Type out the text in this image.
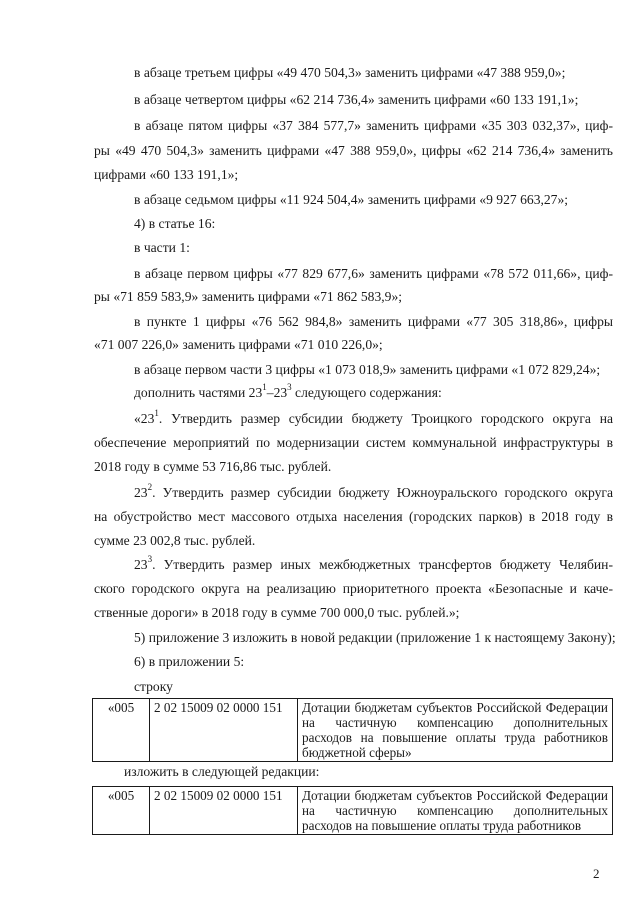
в абзаце третьем цифры «49 470 504,3» заменить цифрами «47 388 959,0»;
в абзаце четвертом цифры «62 214 736,4» заменить цифрами «60 133 191,1»;
в абзаце пятом цифры «37 384 577,7» заменить цифрами «35 303 032,37», циф-
ры «49 470 504,3» заменить цифрами «47 388 959,0», цифры «62 214 736,4» заменить
цифрами «60 133 191,1»;
в абзаце седьмом цифры «11 924 504,4» заменить цифрами «9 927 663,27»;
4) в статье 16:
в части 1:
в абзаце первом цифры «77 829 677,6» заменить цифрами «78 572 011,66», циф-
ры «71 859 583,9» заменить цифрами «71 862 583,9»;
в пункте 1 цифры «76 562 984,8» заменить цифрами «77 305 318,86», цифры
«71 007 226,0» заменить цифрами «71 010 226,0»;
в абзаце первом части 3 цифры «1 073 018,9» заменить цифрами «1 072 829,24»;
дополнить частями $23^1-23^3$ следующего содержания:
«$23^1$. Утвердить размер субсидии бюджету Троицкого городского округа на
обеспечение мероприятий по модернизации систем коммунальной инфраструктуры в
2018 году в сумме 53 716,86 тыс. рублей.
$23^2$. Утвердить размер субсидии бюджету Южноуральского городского округа
на обустройство мест массового отдыха населения (городских парков) в 2018 году в
сумме 23 002,8 тыс. рублей.
$23^3$. Утвердить размер иных межбюджетных трансфертов бюджету Челябин-
ского городского округа на реализацию приоритетного проекта «Безопасные и каче-
ственные дороги» в 2018 году в сумме 700 000,0 тыс. рублей.»;
5) приложение 3 изложить в новой редакции (приложение 1 к настоящему Закону);
6) в приложении 5:
строку
«005	2 02 15009 02 0000 151	Дотации бюджетам субъектов Российской Федерации на частичную компенсацию дополнительных расходов на повышение оплаты труда работников бюджетной сферы»
изложить в следующей редакции:
«005	2 02 15009 02 0000 151	Дотации бюджетам субъектов Российской Федерации на частичную компенсацию дополнительных расходов на повышение оплаты труда работников
2
